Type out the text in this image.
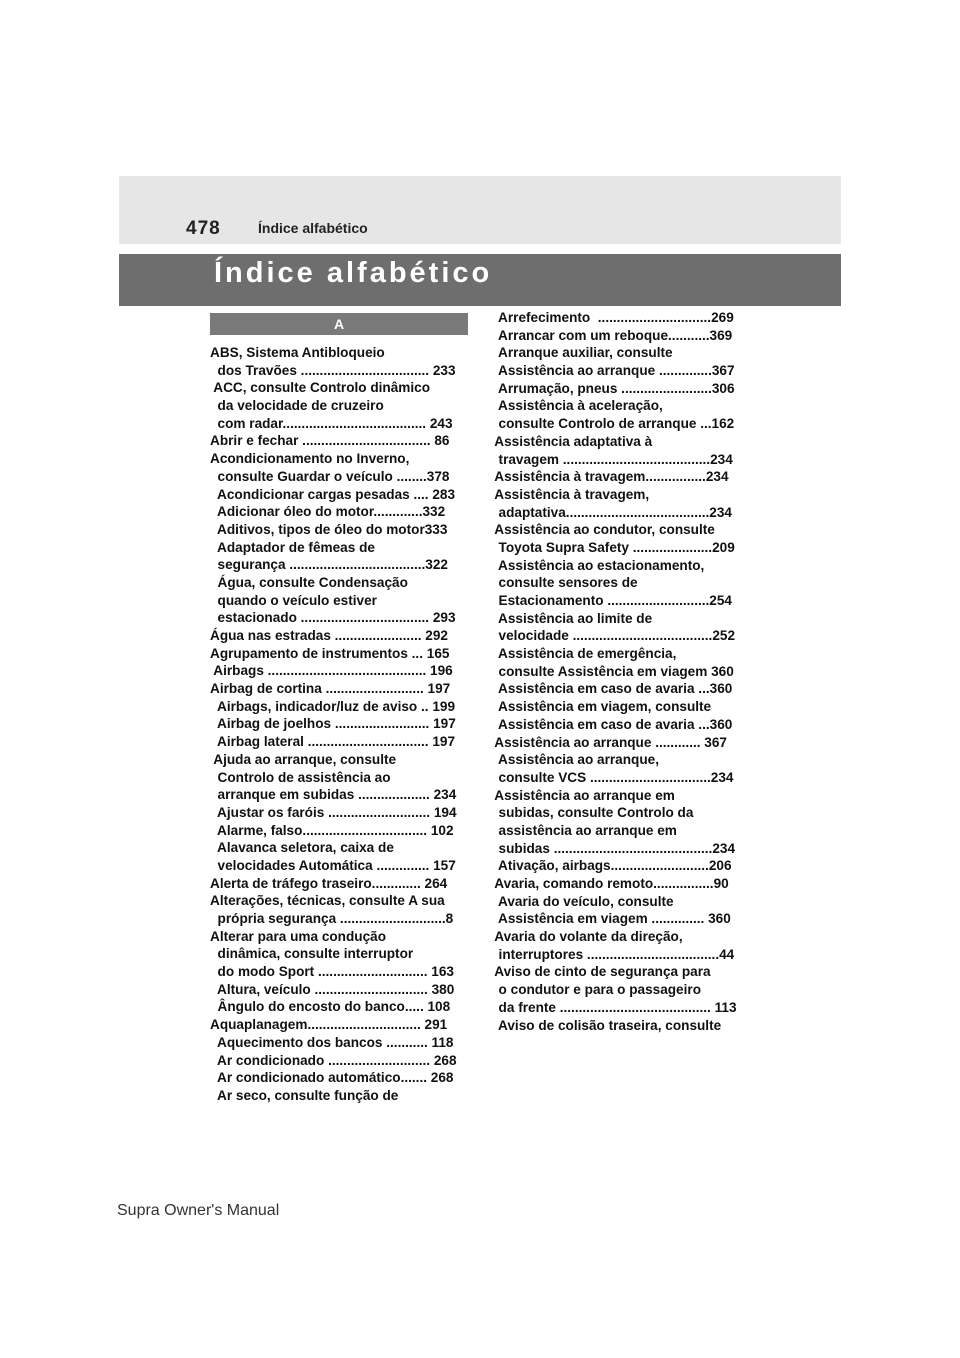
478	Índice alfabético
Índice alfabético
A
ABS, Sistema Antibloqueio
dos Travões .................................. 233
ACC, consulte Controlo dinâmico
da velocidade de cruzeiro
com radar...................................... 243
Abrir e fechar .................................. 86
Acondicionamento no Inverno,
consulte Guardar o veículo ........378
Acondicionar cargas pesadas .... 283
Adicionar óleo do motor.............332
Aditivos, tipos de óleo do motor333
Adaptador de fêmeas de
segurança ....................................322
Água, consulte Condensação
quando o veículo estiver
estacionado .................................. 293
Água nas estradas ....................... 292
Agrupamento de instrumentos ... 165
Airbags .......................................... 196
Airbag de cortina .......................... 197
Airbags, indicador/luz de aviso .. 199
Airbag de joelhos ......................... 197
Airbag lateral ................................ 197
Ajuda ao arranque, consulte
Controlo de assistência ao
arranque em subidas ................... 234
Ajustar os faróis ........................... 194
Alarme, falso................................. 102
Alavanca seletora, caixa de
velocidades Automática .............. 157
Alerta de tráfego traseiro............. 264
Alterações, técnicas, consulte A sua
própria segurança ............................8
Alterar para uma condução
dinâmica, consulte interruptor
do modo Sport ............................. 163
Altura, veículo .............................. 380
Ângulo do encosto do banco..... 108
Aquaplanagem.............................. 291
Aquecimento dos bancos ........... 118
Ar condicionado ........................... 268
Ar condicionado automático....... 268
Ar seco, consulte função de
Arrefecimento  ..............................269
Arrancar com um reboque...........369
Arranque auxiliar, consulte
Assistência ao arranque ..............367
Arrumação, pneus ........................306
Assistência à aceleração,
consulte Controlo de arranque ...162
Assistência adaptativa à
travagem .......................................234
Assistência à travagem................234
Assistência à travagem,
adaptativa......................................234
Assistência ao condutor, consulte
Toyota Supra Safety .....................209
Assistência ao estacionamento,
consulte sensores de
Estacionamento ...........................254
Assistência ao limite de
velocidade .....................................252
Assistência de emergência,
consulte Assistência em viagem 360
Assistência em caso de avaria ...360
Assistência em viagem, consulte
Assistência em caso de avaria ...360
Assistência ao arranque ............ 367
Assistência ao arranque,
consulte VCS ................................234
Assistência ao arranque em
subidas, consulte Controlo da
assistência ao arranque em
subidas ..........................................234
Ativação, airbags..........................206
Avaria, comando remoto................90
Avaria do veículo, consulte
Assistência em viagem .............. 360
Avaria do volante da direção,
interruptores ...................................44
Aviso de cinto de segurança para
o condutor e para o passageiro
da frente ........................................ 113
Aviso de colisão traseira, consulte
Supra Owner's Manual
